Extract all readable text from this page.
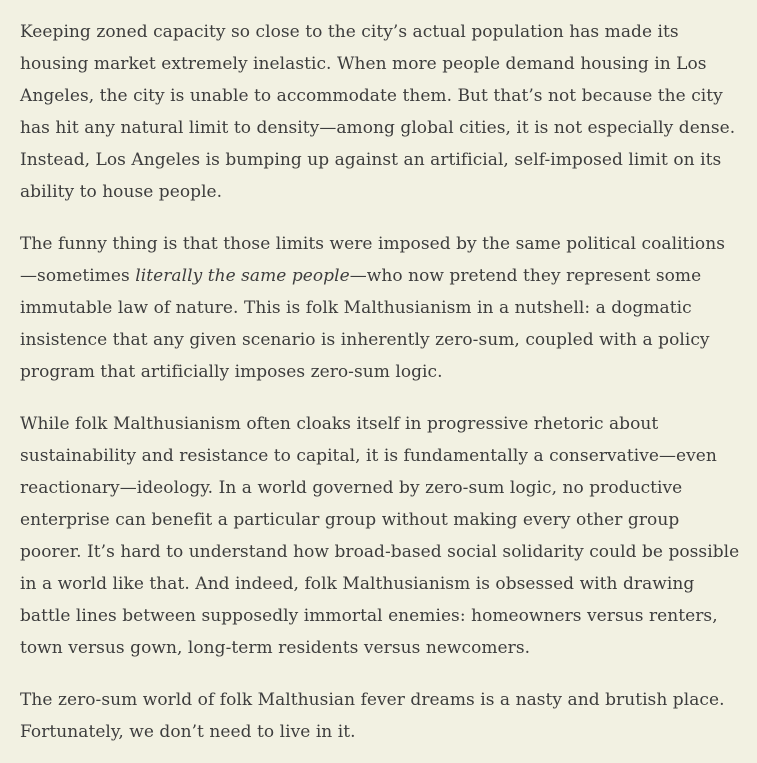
Keeping zoned capacity so close to the city’s actual population has made its
housing market extremely inelastic. When more people demand housing in Los
Angeles, the city is unable to accommodate them. But that’s not because the city
has hit any natural limit to density—among global cities, it is not especially dense.
Instead, Los Angeles is bumping up against an artificial, self-imposed limit on its
ability to house people.

The funny thing is that those limits were imposed by the same political coalitions
—sometimes literally the same people—who now pretend they represent some
immutable law of nature. This is folk Malthusianism in a nutshell: a dogmatic
insistence that any given scenario is inherently zero-sum, coupled with a policy
program that artificially imposes zero-sum logic.

While folk Malthusianism often cloaks itself in progressive rhetoric about
sustainability and resistance to capital, it is fundamentally a conservative—even
reactionary—ideology. In a world governed by zero-sum logic, no productive
enterprise can benefit a particular group without making every other group
poorer. It’s hard to understand how broad-based social solidarity could be possible
in a world like that. And indeed, folk Malthusianism is obsessed with drawing
battle lines between supposedly immortal enemies: homeowners versus renters,
town versus gown, long-term residents versus newcomers.

The zero-sum world of folk Malthusian fever dreams is a nasty and brutish place.
Fortunately, we don’t need to live in it.
